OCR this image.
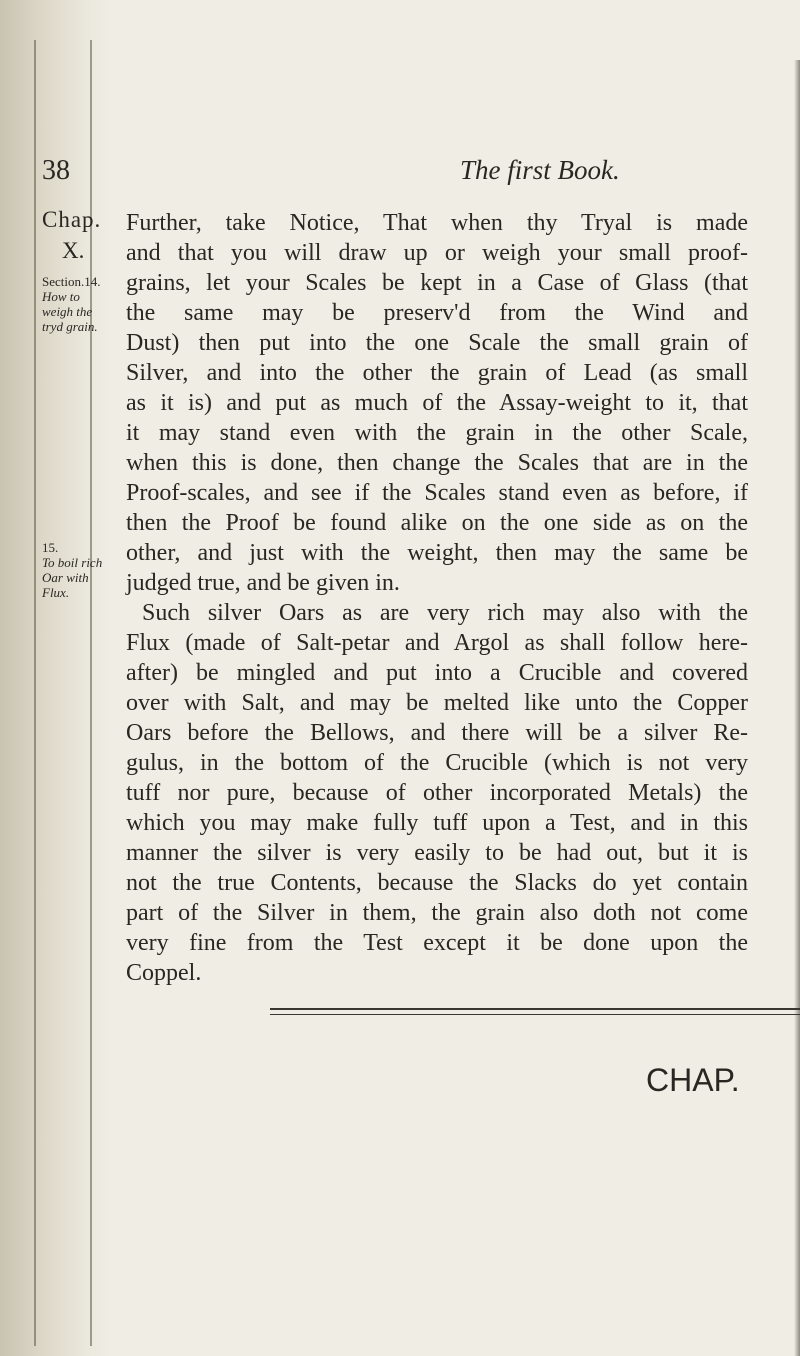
38	The first Book.
Chap.
X.
Section.14.
How to weigh the tryd grain.
15.
To boil rich Oar with Flux.
Further, take Notice, That when thy Tryal is made
and that you will draw up or weigh your small proof-
grains, let your Scales be kept in a Case of Glass (that
the same may be preserv'd from the Wind and
Dust) then put into the one Scale the small grain of
Silver, and into the other the grain of Lead (as small
as it is) and put as much of the Assay-weight to it, that
it may stand even with the grain in the other Scale,
when this is done, then change the Scales that are in the
Proof-scales, and see if the Scales stand even as before, if
then the Proof be found alike on the one side as on the
other, and just with the weight, then may the same be
judged true, and be given in.
Such silver Oars as are very rich may also with the
Flux (made of Salt-petar and Argol as shall follow here-
after) be mingled and put into a Crucible and covered
over with Salt, and may be melted like unto the Copper
Oars before the Bellows, and there will be a silver Re-
gulus, in the bottom of the Crucible (which is not very
tuff nor pure, because of other incorporated Metals) the
which you may make fully tuff upon a Test, and in this
manner the silver is very easily to be had out, but it is
not the true Contents, because the Slacks do yet contain
part of the Silver in them, the grain also doth not come
very fine from the Test except it be done upon the
Coppel.
CHAP.
